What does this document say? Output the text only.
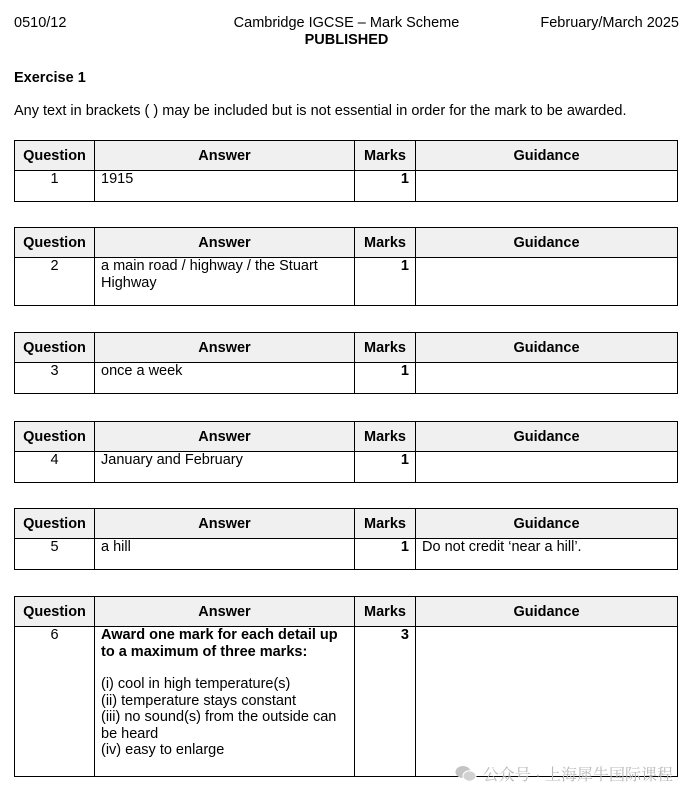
0510/12	Cambridge IGCSE – Mark Scheme
PUBLISHED
February/March 2025
Exercise 1
Any text in brackets ( ) may be included but is not essential in order for the mark to be awarded.
Question	Answer	Marks	Guidance
1	1915	1	
Question	Answer	Marks	Guidance
2	a main road / highway / the Stuart Highway	1	
Question	Answer	Marks	Guidance
3	once a week	1	
Question	Answer	Marks	Guidance
4	January and February	1	
Question	Answer	Marks	Guidance
5	a hill	1	Do not credit ‘near a hill’.
Question	Answer	Marks	Guidance
6	Award one mark for each detail up to a maximum of three marks:
(i) cool in high temperature(s)
(ii) temperature stays constant
(iii) no sound(s) from the outside can be heard
(iv) easy to enlarge	3	
公众号 · 上海犀牛国际课程
